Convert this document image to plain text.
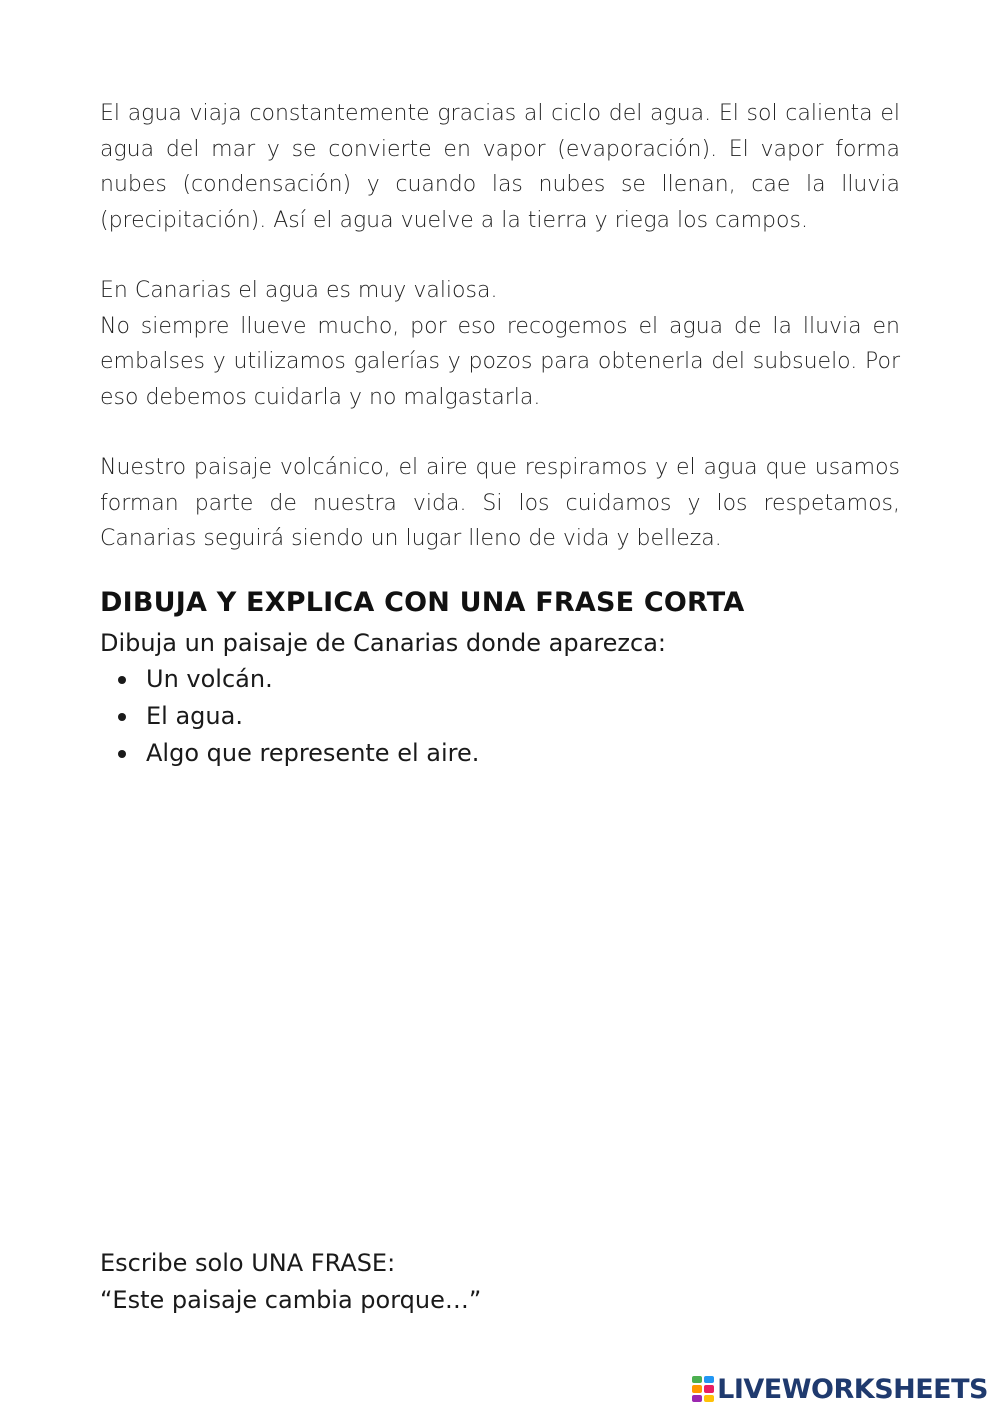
El agua viaja constantemente gracias al ciclo del agua. El sol calienta el agua del mar y se convierte en vapor (evaporación). El vapor forma nubes (condensación) y cuando las nubes se llenan, cae la lluvia (precipitación). Así el agua vuelve a la tierra y riega los campos.

En Canarias el agua es muy valiosa.

No siempre llueve mucho, por eso recogemos el agua de la lluvia en embalses y utilizamos galerías y pozos para obtenerla del subsuelo. Por eso debemos cuidarla y no malgastarla.

Nuestro paisaje volcánico, el aire que respiramos y el agua que usamos forman parte de nuestra vida. Si los cuidamos y los respetamos, Canarias seguirá siendo un lugar lleno de vida y belleza.

DIBUJA Y EXPLICA CON UNA FRASE CORTA

Dibuja un paisaje de Canarias donde aparezca:

Un volcán.
El agua.
Algo que represente el aire.

Escribe solo UNA FRASE:

“Este paisaje cambia porque…”

LIVEWORKSHEETS
